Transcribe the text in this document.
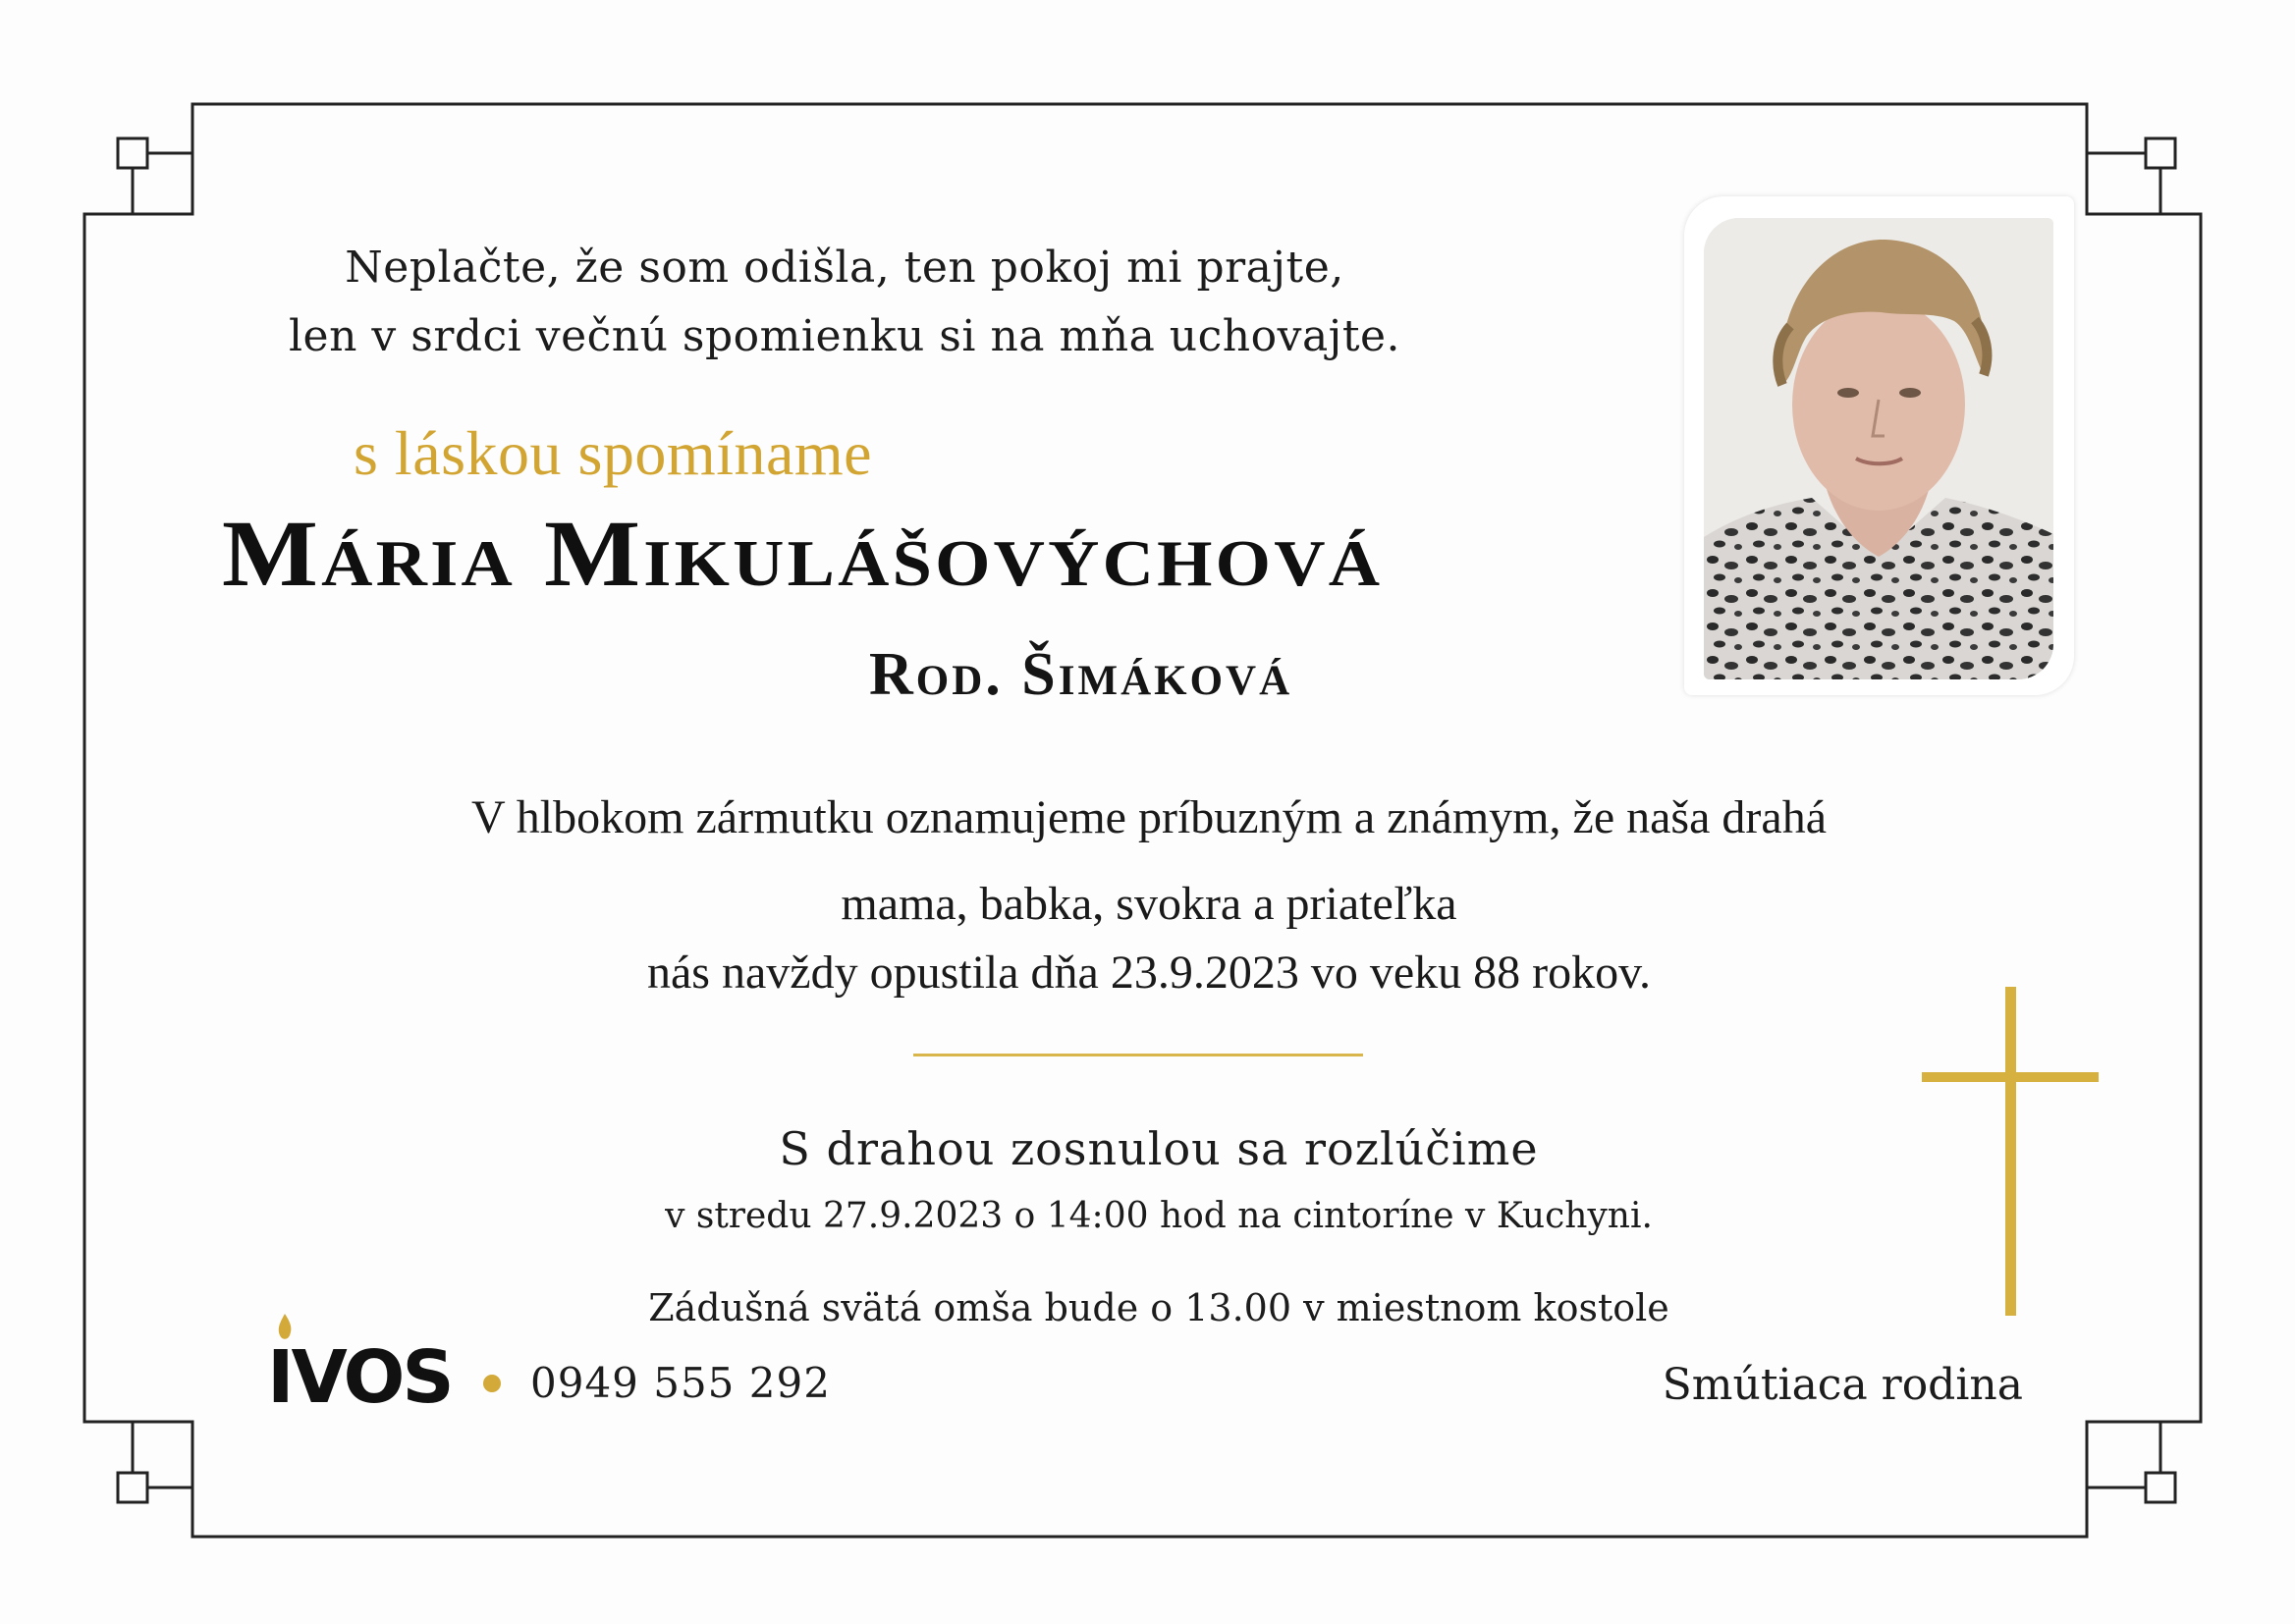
Neplačte, že som odišla, ten pokoj mi prajte,
len v srdci večnú spomienku si na mňa uchovajte.
s láskou spomíname
Mária Mikulášovýchová
Rod. Šimáková
V hlbokom zármutku oznamujeme príbuzným a známym, že naša drahá
mama, babka, svokra a priateľka
nás navždy opustila dňa 23.9.2023 vo veku 88 rokov.
S drahou zosnulou sa rozlúčime
v stredu 27.9.2023 o 14:00 hod na cintoríne v Kuchyni.
Zádušná svätá omša bude o 13.00 v miestnom kostole
IVOS 0949 555 292	Smútiaca rodina
